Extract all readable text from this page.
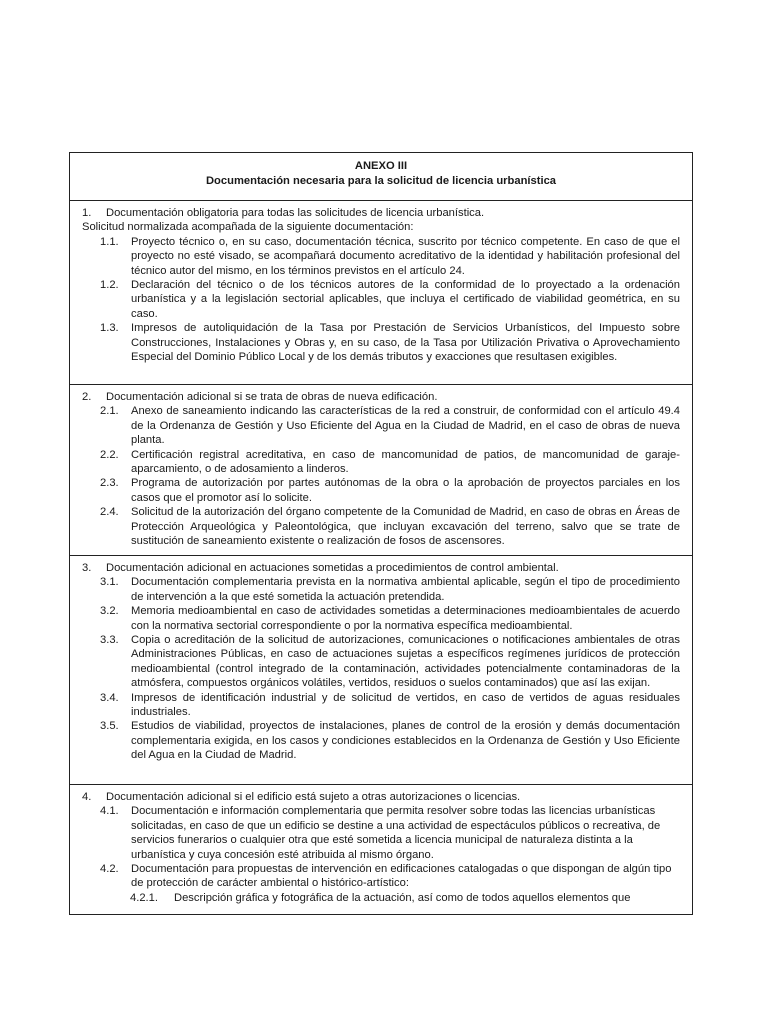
ANEXO III
Documentación necesaria para la solicitud de licencia urbanística
1.	Documentación obligatoria para todas las solicitudes de licencia urbanística.
Solicitud normalizada acompañada de la siguiente documentación:
1.1.	Proyecto técnico o, en su caso, documentación técnica, suscrito por técnico competente. En caso de que el proyecto no esté visado, se acompañará documento acreditativo de la identidad y habilitación profesional del técnico autor del mismo, en los términos previstos en el artículo 24.
1.2.	Declaración del técnico o de los técnicos autores de la conformidad de lo proyectado a la ordenación urbanística y a la legislación sectorial aplicables, que incluya el certificado de viabilidad geométrica, en su caso.
1.3.	Impresos de autoliquidación de la Tasa por Prestación de Servicios Urbanísticos, del Impuesto sobre Construcciones, Instalaciones y Obras y, en su caso, de la Tasa por Utilización Privativa o Aprovechamiento Especial del Dominio Público Local y de los demás tributos y exacciones que resultasen exigibles.
2.	Documentación adicional si se trata de obras de nueva edificación.
2.1.	Anexo de saneamiento indicando las características de la red a construir, de conformidad con el artículo 49.4 de la Ordenanza de Gestión y Uso Eficiente del Agua en la Ciudad de Madrid, en el caso de obras de nueva planta.
2.2.	Certificación registral acreditativa, en caso de mancomunidad de patios, de mancomunidad de garaje-aparcamiento, o de adosamiento a linderos.
2.3.	Programa de autorización por partes autónomas de la obra o la aprobación de proyectos parciales en los casos que el promotor así lo solicite.
2.4.	Solicitud de la autorización del órgano competente de la Comunidad de Madrid, en caso de obras en Áreas de Protección Arqueológica y Paleontológica, que incluyan excavación del terreno, salvo que se trate de sustitución de saneamiento existente o realización de fosos de ascensores.
3.	Documentación adicional en actuaciones sometidas a procedimientos de control ambiental.
3.1.	Documentación complementaria prevista en la normativa ambiental aplicable, según el tipo de procedimiento de intervención a la que esté sometida la actuación pretendida.
3.2.	Memoria medioambiental en caso de actividades sometidas a determinaciones medioambientales de acuerdo con la normativa sectorial correspondiente o por la normativa específica medioambiental.
3.3.	Copia o acreditación de la solicitud de autorizaciones, comunicaciones o notificaciones ambientales de otras Administraciones Públicas, en caso de actuaciones sujetas a específicos regímenes jurídicos de protección medioambiental (control integrado de la contaminación, actividades potencialmente contaminadoras de la atmósfera, compuestos orgánicos volátiles, vertidos, residuos o suelos contaminados) que así las exijan.
3.4.	Impresos de identificación industrial y de solicitud de vertidos, en caso de vertidos de aguas residuales industriales.
3.5.	Estudios de viabilidad, proyectos de instalaciones, planes de control de la erosión y demás documentación complementaria exigida, en los casos y condiciones establecidos en la Ordenanza de Gestión y Uso Eficiente del Agua en la Ciudad de Madrid.
4.	Documentación adicional si el edificio está sujeto a otras autorizaciones o licencias.
4.1.	Documentación e información complementaria que permita resolver sobre todas las licencias urbanísticas solicitadas, en caso de que un edificio se destine a una actividad de espectáculos públicos o recreativa, de servicios funerarios o cualquier otra que esté sometida a licencia municipal de naturaleza distinta a la urbanística y cuya concesión esté atribuida al mismo órgano.
4.2.	Documentación para propuestas de intervención en edificaciones catalogadas o que dispongan de algún tipo de protección de carácter ambiental o histórico-artístico:
4.2.1.	Descripción gráfica y fotográfica de la actuación, así como de todos aquellos elementos que
